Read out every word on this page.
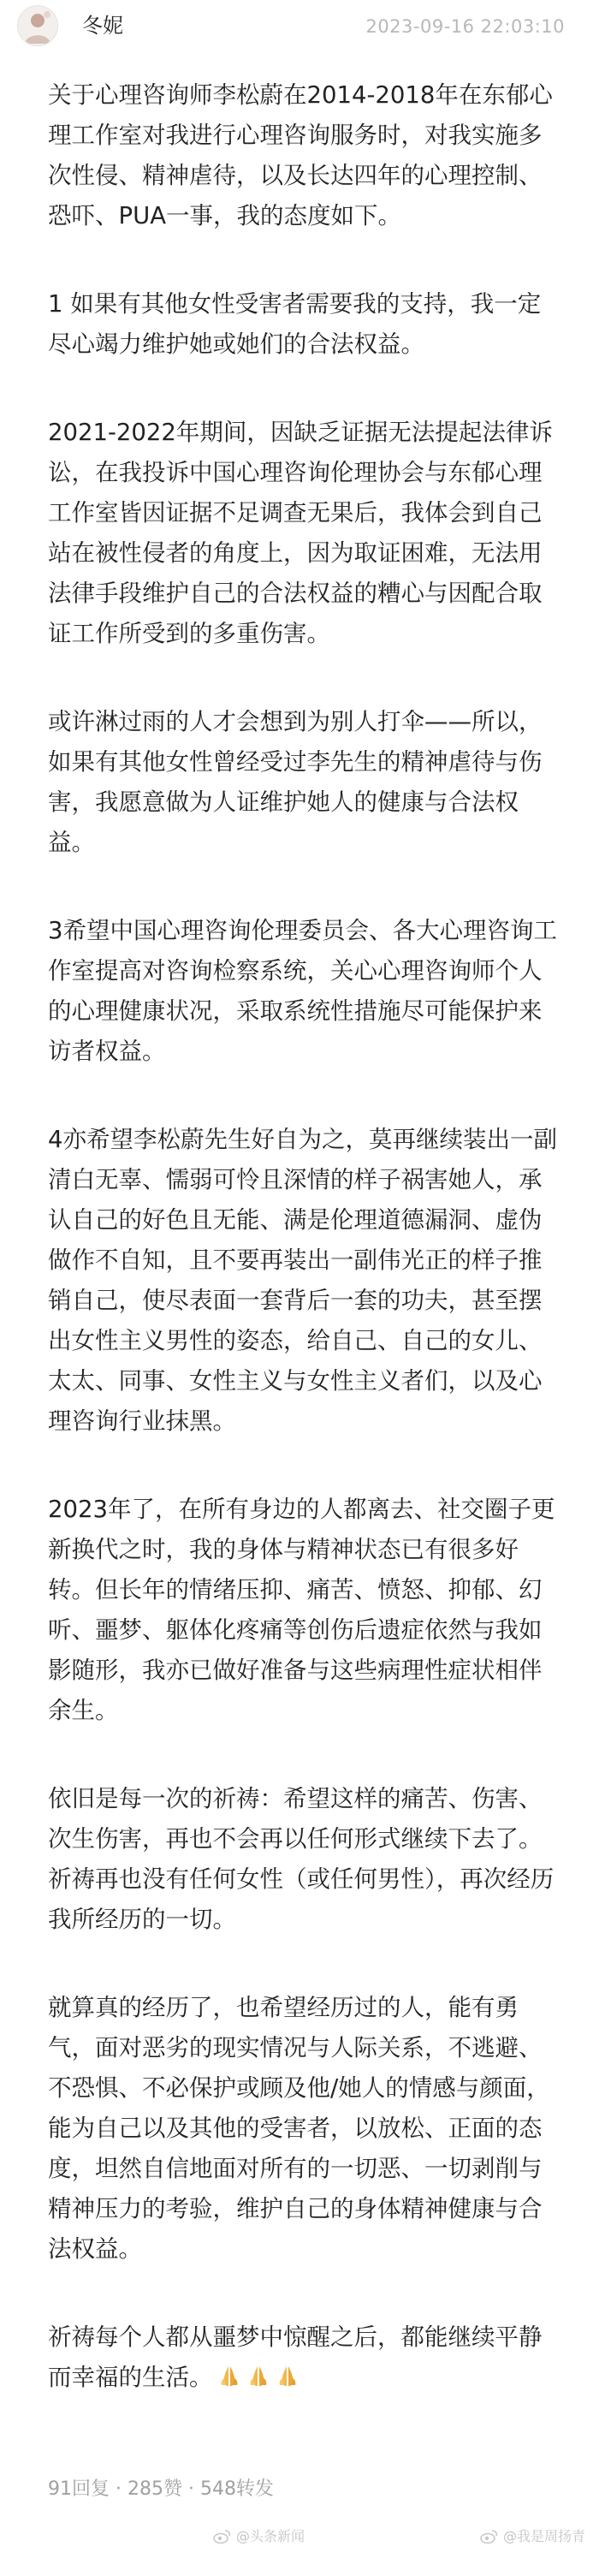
冬妮	2023-09-16 22:03:10

关于心理咨询师李松蔚在2014-2018年在东郁心理工作室对我进行心理咨询服务时，对我实施多次性侵、精神虐待，以及长达四年的心理控制、恐吓、PUA一事，我的态度如下。

1 如果有其他女性受害者需要我的支持，我一定尽心竭力维护她或她们的合法权益。

2021-2022年期间，因缺乏证据无法提起法律诉讼，在我投诉中国心理咨询伦理协会与东郁心理工作室皆因证据不足调查无果后，我体会到自己站在被性侵者的角度上，因为取证困难，无法用法律手段维护自己的合法权益的糟心与因配合取证工作所受到的多重伤害。

或许淋过雨的人才会想到为别人打伞——所以，如果有其他女性曾经受过李先生的精神虐待与伤害，我愿意做为人证维护她人的健康与合法权益。

3希望中国心理咨询伦理委员会、各大心理咨询工作室提高对咨询检察系统，关心心理咨询师个人的心理健康状况，采取系统性措施尽可能保护来访者权益。

4亦希望李松蔚先生好自为之，莫再继续装出一副清白无辜、懦弱可怜且深情的样子祸害她人，承认自己的好色且无能、满是伦理道德漏洞、虚伪做作不自知，且不要再装出一副伟光正的样子推销自己，使尽表面一套背后一套的功夫，甚至摆出女性主义男性的姿态，给自己、自己的女儿、太太、同事、女性主义与女性主义者们，以及心理咨询行业抹黑。

2023年了，在所有身边的人都离去、社交圈子更新换代之时，我的身体与精神状态已有很多好转。但长年的情绪压抑、痛苦、愤怒、抑郁、幻听、噩梦、躯体化疼痛等创伤后遗症依然与我如影随形，我亦已做好准备与这些病理性症状相伴余生。

依旧是每一次的祈祷：希望这样的痛苦、伤害、次生伤害，再也不会再以任何形式继续下去了。祈祷再也没有任何女性（或任何男性），再次经历我所经历的一切。

就算真的经历了，也希望经历过的人，能有勇气，面对恶劣的现实情况与人际关系，不逃避、不恐惧、不必保护或顾及他/她人的情感与颜面，能为自己以及其他的受害者，以放松、正面的态度，坦然自信地面对所有的一切恶、一切剥削与精神压力的考验，维护自己的身体精神健康与合法权益。

祈祷每个人都从噩梦中惊醒之后，都能继续平静而幸福的生活。

91回复 · 285赞 · 548转发
@头条新闻	@我是周扬青
